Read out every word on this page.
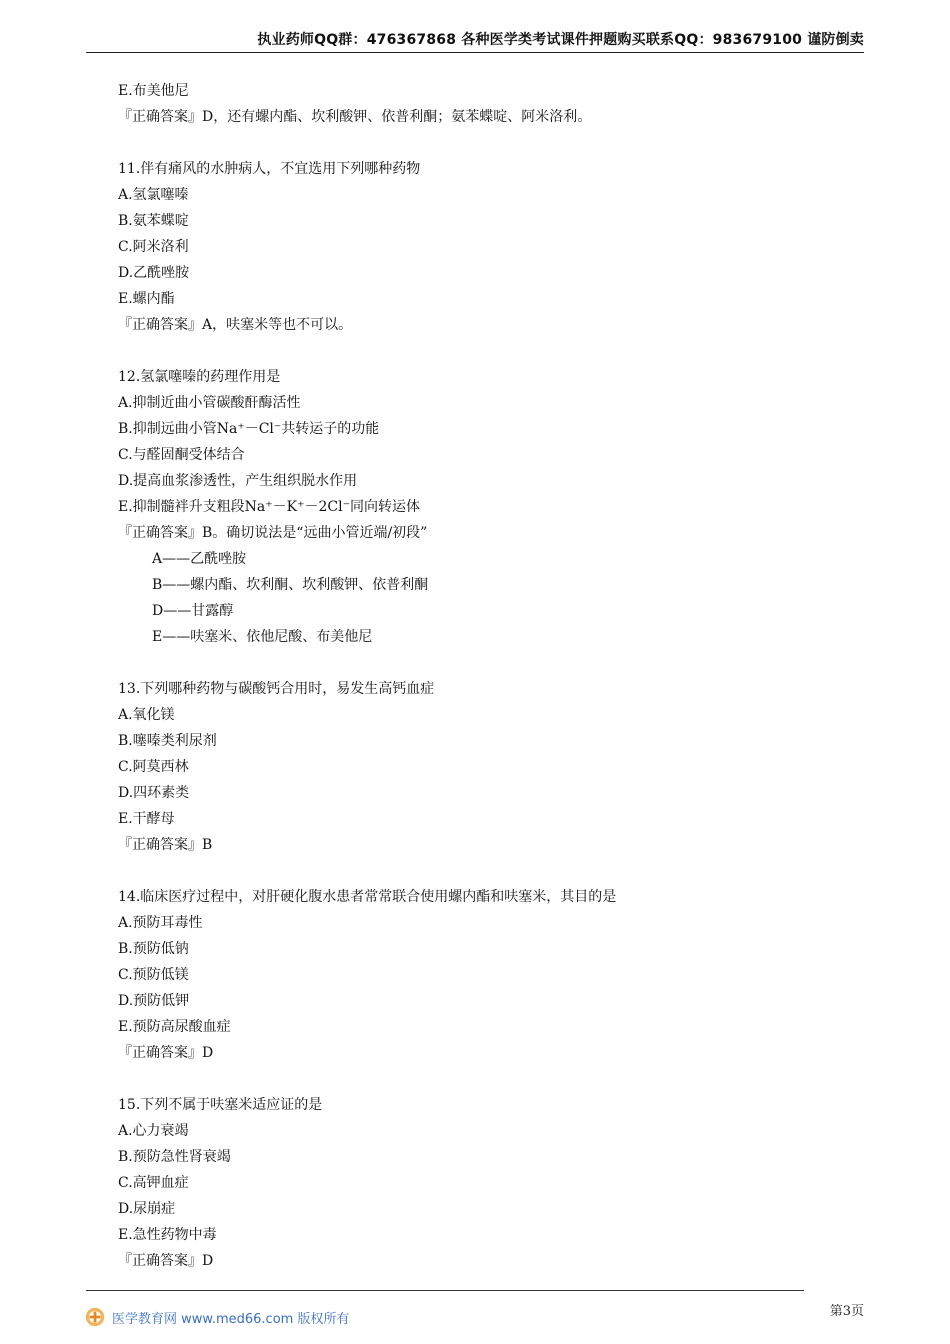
执业药师QQ群：476367868 各种医学类考试课件押题购买联系QQ：983679100 谨防倒卖
E.布美他尼
『正确答案』D，还有螺内酯、坎利酸钾、依普利酮；氨苯蝶啶、阿米洛利。
11.伴有痛风的水肿病人，不宜选用下列哪种药物
A.氢氯噻嗪
B.氨苯蝶啶
C.阿米洛利
D.乙酰唑胺
E.螺内酯
『正确答案』A，呋塞米等也不可以。
12.氢氯噻嗪的药理作用是
A.抑制近曲小管碳酸酐酶活性
B.抑制远曲小管Na⁺－Cl⁻共转运子的功能
C.与醛固酮受体结合
D.提高血浆渗透性，产生组织脱水作用
E.抑制髓袢升支粗段Na⁺－K⁺－2Cl⁻同向转运体
『正确答案』B。确切说法是“远曲小管近端/初段”
A——乙酰唑胺
B——螺内酯、坎利酮、坎利酸钾、依普利酮
D——甘露醇
E——呋塞米、依他尼酸、布美他尼
13.下列哪种药物与碳酸钙合用时，易发生高钙血症
A.氧化镁
B.噻嗪类利尿剂
C.阿莫西林
D.四环素类
E.干酵母
『正确答案』B
14.临床医疗过程中，对肝硬化腹水患者常常联合使用螺内酯和呋塞米，其目的是
A.预防耳毒性
B.预防低钠
C.预防低镁
D.预防低钾
E.预防高尿酸血症
『正确答案』D
15.下列不属于呋塞米适应证的是
A.心力衰竭
B.预防急性肾衰竭
C.高钾血症
D.尿崩症
E.急性药物中毒
『正确答案』D
医学教育网 www.med66.com 版权所有	第3页
